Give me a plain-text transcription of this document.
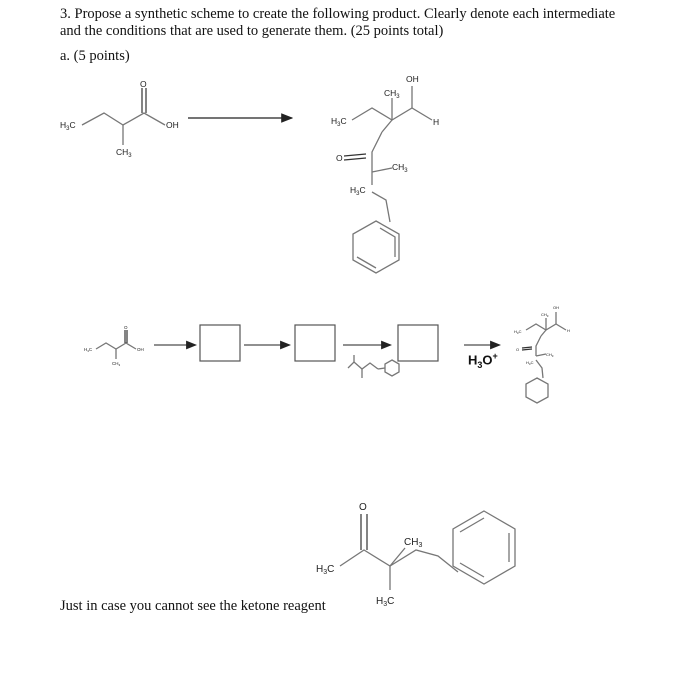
3. Propose a synthetic scheme to create the following product. Clearly denote each intermediate
and the conditions that are used to generate them. (25 points total)
a. (5 points)
$H_3C$
$CH_3$
OH
O
$H_3C$
$CH_3$
OH
H
O
$CH_3$
$H_3C$
$H_3C$
$CH_3$
OH
O
$H_3C$
$CH_3$
OH
H
O
$CH_3$
$H_3C$
O
$H_3C$
$CH_3$
$H_3C$
$H_3O^+$
Just in case you cannot see the ketone reagent
